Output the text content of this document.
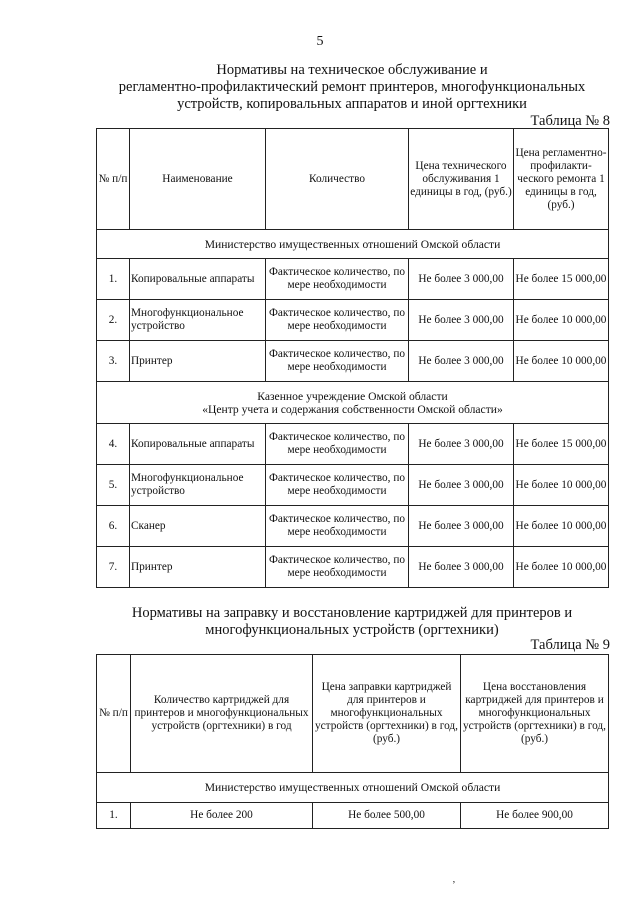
5
Нормативы на техническое обслуживание и
регламентно-профилактический ремонт принтеров, многофункциональных
устройств, копировальных аппаратов и иной оргтехники
Таблица № 8
№ п/п	Наименование	Количество	Цена технического обслуживания 1 единицы в год, (руб.)	Цена регламентно-профилакти-ческого ремонта 1 единицы в год, (руб.)
Министерство имущественных отношений Омской области				
1.	Копировальные аппараты	Фактическое количество, по мере необходимости	Не более 3 000,00	Не более 15 000,00
2.	Многофункциональное устройство	Фактическое количество, по мере необходимости	Не более 3 000,00	Не более 10 000,00
3.	Принтер	Фактическое количество, по мере необходимости	Не более 3 000,00	Не более 10 000,00

Казенное учреждение Омской области
«Центр учета и содержания собственности Омской области»				

4.	Копировальные аппараты	Фактическое количество, по мере необходимости	Не более 3 000,00	Не более 15 000,00
5.	Многофункциональное устройство	Фактическое количество, по мере необходимости	Не более 3 000,00	Не более 10 000,00
6.	Сканер	Фактическое количество, по мере необходимости	Не более 3 000,00	Не более 10 000,00
7.	Принтер	Фактическое количество, по мере необходимости	Не более 3 000,00	Не более 10 000,00
Нормативы на заправку и восстановление картриджей для принтеров и
многофункциональных устройств (оргтехники)
Таблица № 9
№ п/п	Количество картриджей для принтеров и многофункциональных устройств (оргтехники) в год	Цена заправки картриджей для принтеров и многофункциональных устройств (оргтехники) в год, (руб.)	Цена восстановления картриджей для принтеров и многофункциональных устройств (оргтехники) в год, (руб.)
Министерство имущественных отношений Омской области			
1.	Не более 200	Не более 500,00	Не более 900,00
ʼ
